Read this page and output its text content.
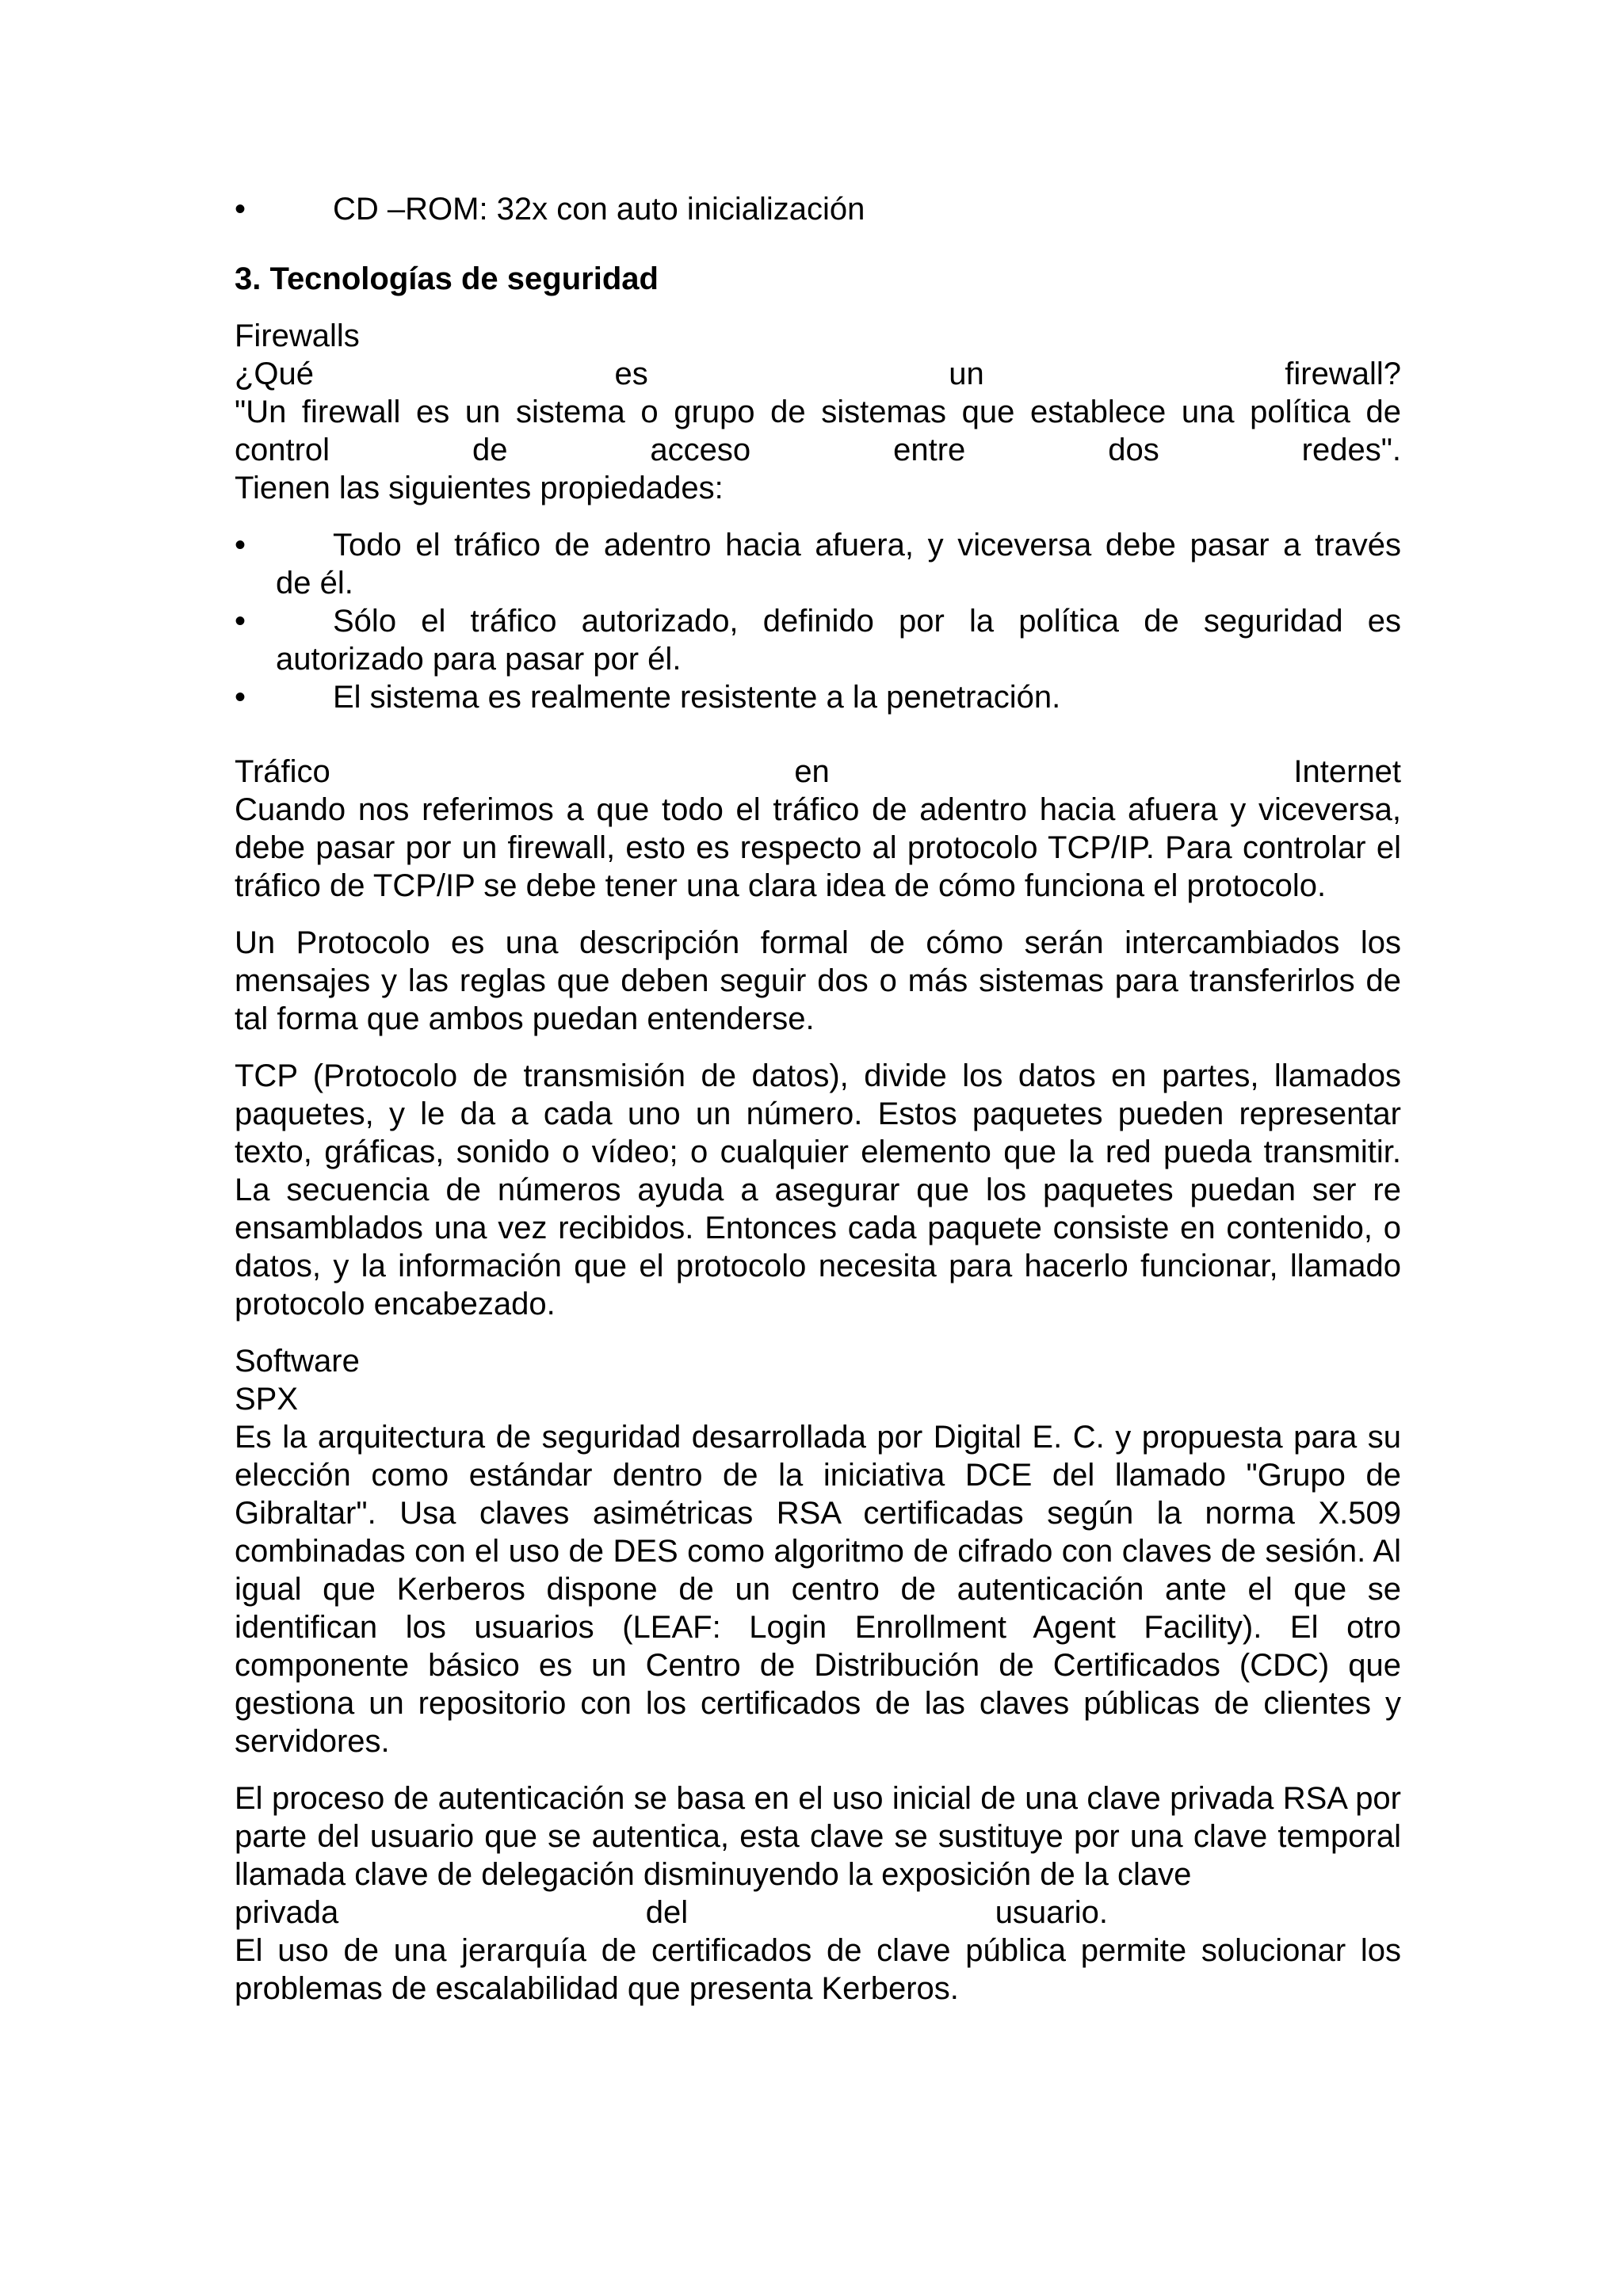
•	CD –ROM: 32x con auto inicialización
3. Tecnologías de seguridad

Firewalls

¿Qué es un firewall?

"Un firewall es un sistema o grupo de sistemas que establece una política de

control de acceso entre dos redes".

Tienen las siguientes propiedades:

•	Todo el tráfico de adentro hacia afuera, y viceversa debe pasar a través
de él.
•	Sólo el tráfico autorizado, definido por la política de seguridad es
autorizado para pasar por él.
•	El sistema es realmente resistente a la penetración.

Tráfico en Internet

Cuando nos referimos a que todo el tráfico de adentro hacia afuera y viceversa, debe pasar por un firewall, esto es respecto al protocolo TCP/IP. Para controlar el tráfico de TCP/IP se debe tener una clara idea de cómo funciona el protocolo.

Un Protocolo es una descripción formal de cómo serán intercambiados los mensajes y las reglas que deben seguir dos o más sistemas para transferirlos de tal forma que ambos puedan entenderse.

TCP (Protocolo de transmisión de datos), divide los datos en partes, llamados paquetes, y le da a cada uno un número. Estos paquetes pueden representar texto, gráficas, sonido o vídeo; o cualquier elemento que la red pueda transmitir. La secuencia de números ayuda a asegurar que los paquetes puedan ser re ensamblados una vez recibidos. Entonces cada paquete consiste en contenido, o datos, y la información que el protocolo necesita para hacerlo funcionar, llamado protocolo encabezado.

Software

SPX

Es la arquitectura de seguridad desarrollada por Digital E. C. y propuesta para su elección como estándar dentro de la iniciativa DCE del llamado "Grupo de Gibraltar". Usa claves asimétricas RSA certificadas según la norma X.509 combinadas con el uso de DES como algoritmo de cifrado con claves de sesión. Al igual que Kerberos dispone de un centro de autenticación ante el que se identifican los usuarios (LEAF: Login Enrollment Agent Facility). El otro componente básico es un Centro de Distribución de Certificados (CDC) que gestiona un repositorio con los certificados de las claves públicas de clientes y servidores.

El proceso de autenticación se basa en el uso inicial de una clave privada RSA por parte del usuario que se autentica, esta clave se sustituye por una clave temporal llamada clave de delegación disminuyendo la exposición de la clave

privada del usuario.

El uso de una jerarquía de certificados de clave pública permite solucionar los problemas de escalabilidad que presenta Kerberos.
